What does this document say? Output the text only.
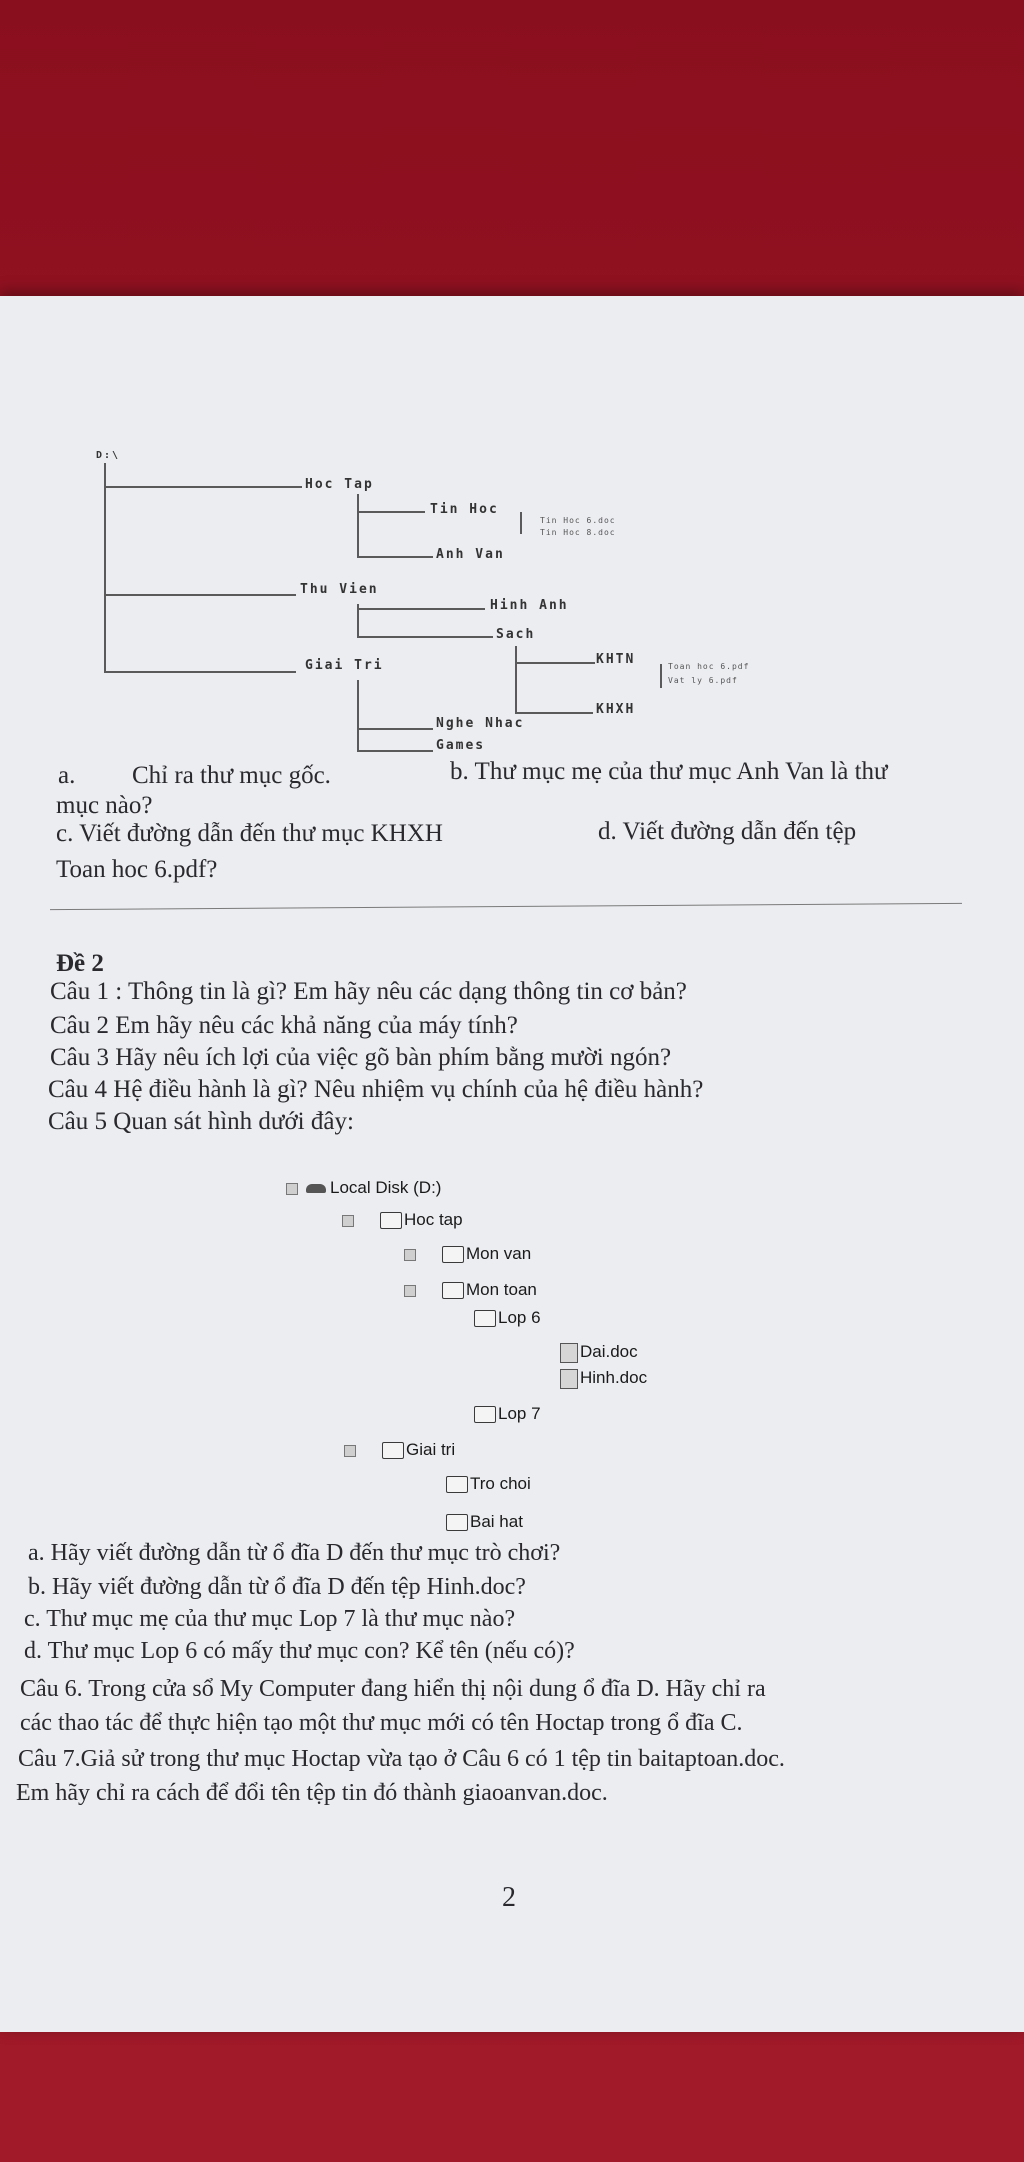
D:\
Hoc Tap
Tin Hoc
Tin Hoc 6.doc
Tin Hoc 8.doc
Anh Van
Thu Vien
Hinh Anh
Sach
Giai Tri	KHTN	Toan hoc 6.pdf
Vat ly 6.pdf
KHXH
Nghe Nhac
Games
a. Chỉ ra thư mục gốc.	b. Thư mục mẹ của thư mục Anh Van là thư
mục nào?
c. Viết đường dẫn đến thư mục KHXH	d. Viết đường dẫn đến tệp
Toan hoc 6.pdf?
Đề 2
Câu 1 : Thông tin là gì? Em hãy nêu các dạng thông tin cơ bản?
Câu 2 Em hãy nêu các khả năng của máy tính?
Câu 3 Hãy nêu ích lợi của việc gõ bàn phím bằng mười ngón?
Câu 4 Hệ điều hành là gì? Nêu nhiệm vụ chính của hệ điều hành?
Câu 5 Quan sát hình dưới đây:
Local Disk (D:)
Hoc tap
Mon van
Mon toan
Lop 6
Dai.doc
Hinh.doc
Lop 7
Giai tri
Tro choi
Bai hat
a. Hãy viết đường dẫn từ ổ đĩa D đến thư mục trò chơi?
b. Hãy viết đường dẫn từ ổ đĩa D đến tệp Hinh.doc?
c. Thư mục mẹ của thư mục Lop 7 là thư mục nào?
d. Thư mục Lop 6 có mấy thư mục con? Kể tên (nếu có)?
Câu 6. Trong cửa sổ My Computer đang hiển thị nội dung ổ đĩa D. Hãy chỉ ra
các thao tác để thực hiện tạo một thư mục mới có tên Hoctap trong ổ đĩa C.
Câu 7.Giả sử trong thư mục Hoctap vừa tạo ở Câu 6 có 1 tệp tin baitaptoan.doc.
Em hãy chỉ ra cách để đổi tên tệp tin đó thành giaoanvan.doc.
2
